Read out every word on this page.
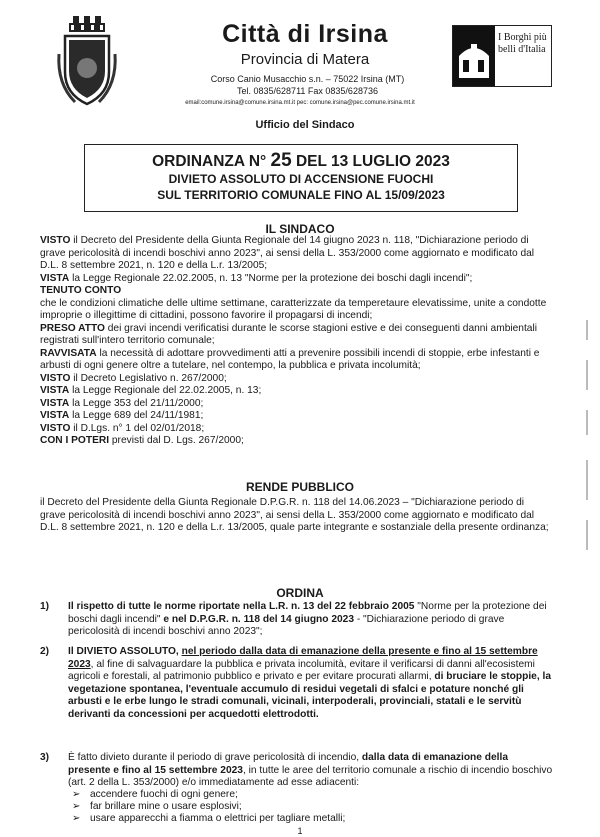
Città di Irsina
Provincia di Matera
Corso Canio Musacchio s.n. – 75022 Irsina (MT)
Tel. 0835/628711 Fax 0835/628736
email:comune.irsina@comune.irsina.mt.it pec: comune.irsina@pec.comune.irsina.mt.it
Ufficio del Sindaco
I Borghi più belli d'Italia
ORDINANZA N° 25 DEL 13 LUGLIO 2023
DIVIETO ASSOLUTO DI ACCENSIONE FUOCHI
SUL TERRITORIO COMUNALE FINO AL 15/09/2023
IL SINDACO

VISTO il Decreto del Presidente della Giunta Regionale del 14 giugno 2023 n. 118, "Dichiarazione periodo di grave pericolosità di incendi boschivi anno 2023", ai sensi della L. 353/2000 come aggiornato e modificato dal D.L. 8 settembre 2021, n. 120 e della L.r. 13/2005;

VISTA la Legge Regionale 22.02.2005, n. 13 "Norme per la protezione dei boschi dagli incendi";

TENUTO CONTO
che le condizioni climatiche delle ultime settimane, caratterizzate da temperetaure elevatissime, unite a condotte improprie o illegittime di cittadini, possono favorire il propagarsi di incendi;

PRESO ATTO dei gravi incendi verificatisi durante le scorse stagioni estive e dei conseguenti danni ambientali registrati sull'intero territorio comunale;

RAVVISATA la necessità di adottare provvedimenti atti a prevenire possibili incendi di stoppie, erbe infestanti e arbusti di ogni genere oltre a tutelare, nel contempo, la pubblica e privata incolumità;

VISTO il Decreto Legislativo n. 267/2000;

VISTA la Legge Regionale del 22.02.2005, n. 13;

VISTA la Legge 353 del 21/11/2000;

VISTA la Legge 689 del 24/11/1981;

VISTO il D.Lgs. n° 1 del 02/01/2018;

CON I POTERI previsti dal D. Lgs. 267/2000;

RENDE PUBBLICO

il Decreto del Presidente della Giunta Regionale D.P.G.R. n. 118 del 14.06.2023 – "Dichiarazione periodo di grave pericolosità di incendi boschivi anno 2023", ai sensi della L. 353/2000 come aggiornato e modificato dal D.L. 8 settembre 2021, n. 120 e della L.r. 13/2005, quale parte integrante e sostanziale della presente ordinanza;

ORDINA
1) Il rispetto di tutte le norme riportate nella L.R. n. 13 del 22 febbraio 2005 "Norme per la protezione dei boschi dagli incendi" e nel D.P.G.R. n. 118 del 14 giugno 2023 - "Dichiarazione periodo di grave pericolosità di incendi boschivi anno 2023";
2) Il DIVIETO ASSOLUTO, nel periodo dalla data di emanazione della presente e fino al 15 settembre 2023, al fine di salvaguardare la pubblica e privata incolumità, evitare il verificarsi di danni all'ecosistemi agricoli e forestali, al patrimonio pubblico e privato e per evitare procurati allarmi, di bruciare le stoppie, la vegetazione spontanea, l'eventuale accumulo di residui vegetali di sfalci e potature nonché gli arbusti e le erbe lungo le stradi comunali, vicinali, interpoderali, provinciali, statali e le servitù derivanti da concessioni per acquedotti elettrodotti.
3) È fatto divieto durante il periodo di grave pericolosità di incendio, dalla data di emanazione della presente e fino al 15 settembre 2023, in tutte le aree del territorio comunale a rischio di incendio boschivo (art. 2 della L. 353/2000) e/o immediatamente ad esse adiacenti:
➢ accendere fuochi di ogni genere;
➢ far brillare mine o usare esplosivi;
➢ usare apparecchi a fiamma o elettrici per tagliare metalli;
1
